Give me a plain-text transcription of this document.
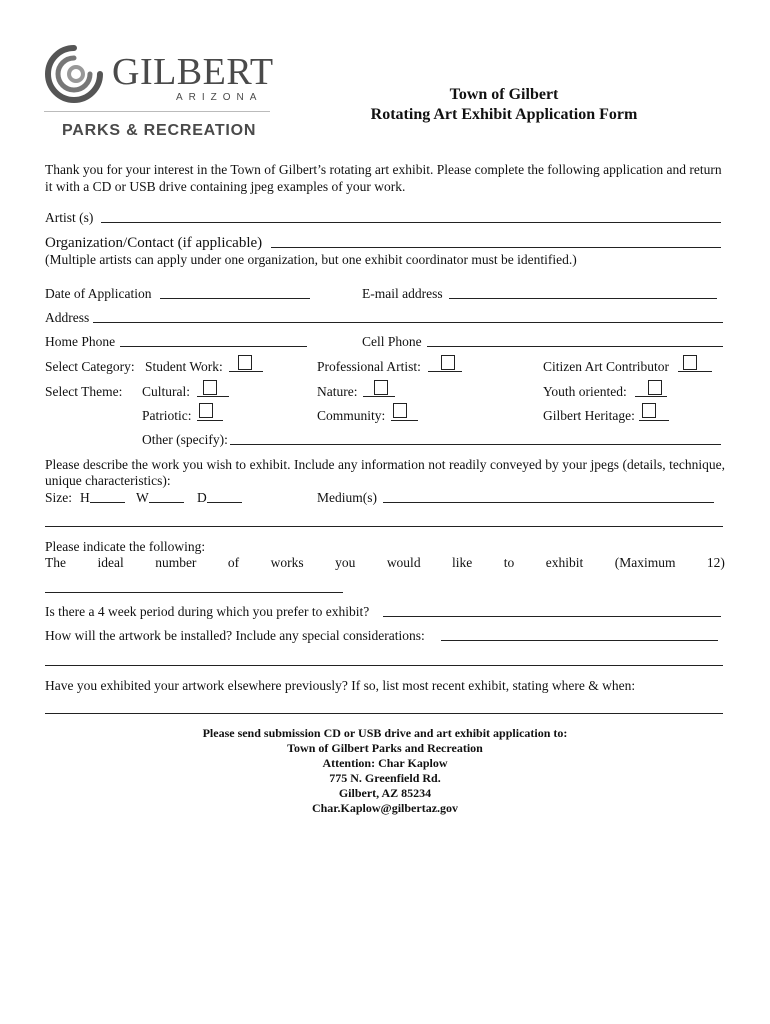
GILBERT
ARIZONA
PARKS & RECREATION
Town of Gilbert
Rotating Art Exhibit Application Form
Thank you for your interest in the Town of Gilbert’s rotating art exhibit. Please complete the following application and return it with a CD or USB drive containing jpeg examples of your work.
Artist (s)
Organization/Contact (if applicable)
(Multiple artists can apply under one organization, but one exhibit coordinator must be identified.)
Date of Application	E-mail address
Address
Home Phone	Cell Phone
Select Category: Student Work:	Professional Artist:	Citizen Art Contributor
Select Theme: Cultural:	Nature:	Youth oriented:
Patriotic:	Community:	Gilbert Heritage:
Other (specify):
Please describe the work you wish to exhibit. Include any information not readily conveyed by your jpegs (details, technique, unique characteristics):
Size: H	W	D	Medium(s)
Please indicate the following:
The ideal number of works you would like to exhibit (Maximum 12)
Is there a 4 week period during which you prefer to exhibit?
How will the artwork be installed? Include any special considerations:
Have you exhibited your artwork elsewhere previously? If so, list most recent exhibit, stating where & when:
Please send submission CD or USB drive and art exhibit application to:
Town of Gilbert Parks and Recreation
Attention: Char Kaplow
775 N. Greenfield Rd.
Gilbert, AZ 85234
Char.Kaplow@gilbertaz.gov
